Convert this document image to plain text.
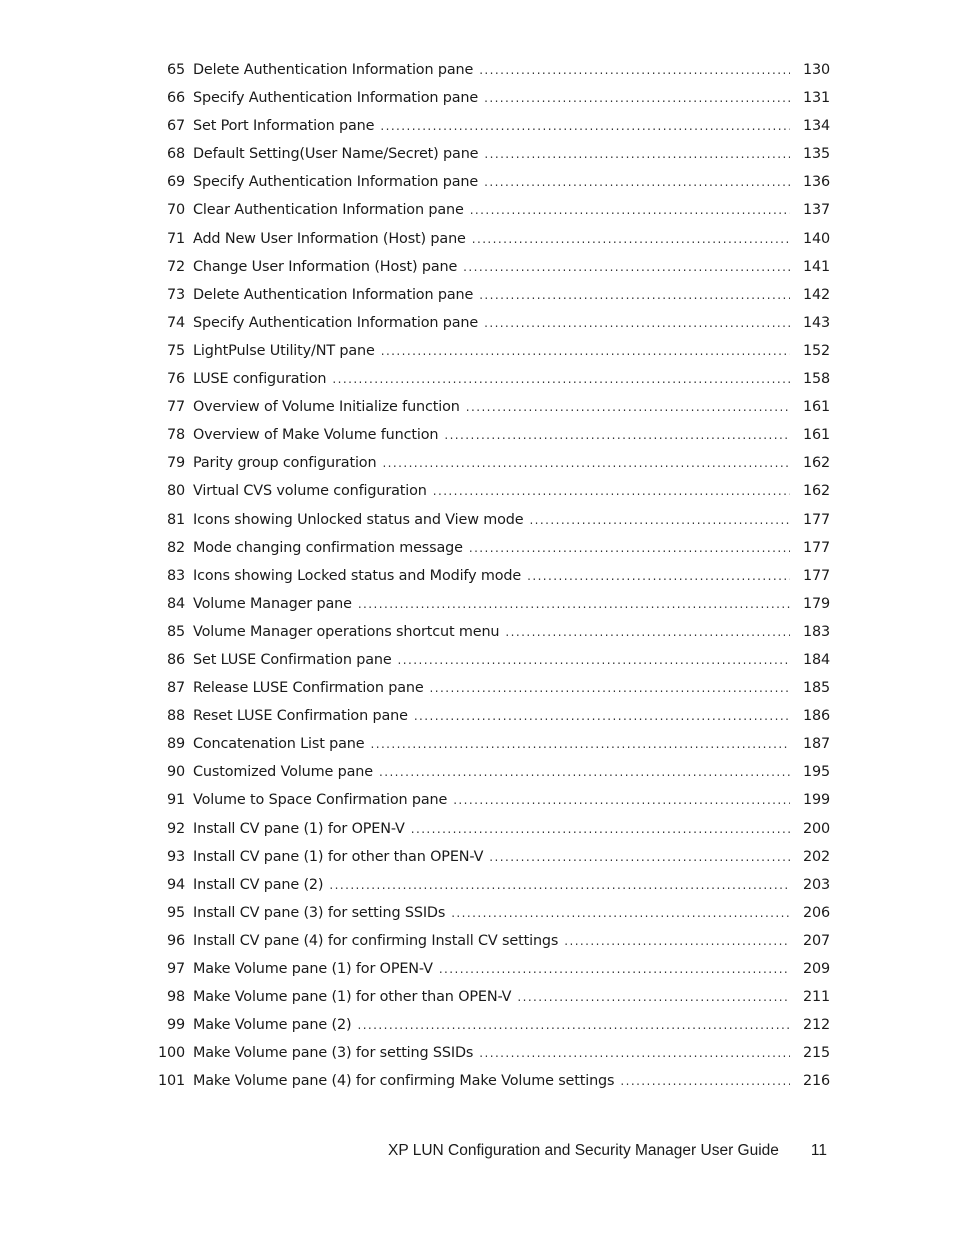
65 Delete Authentication Information pane . . .	130
66 Specify Authentication Information pane . . .	131
67 Set Port Information pane . . .	134
68 Default Setting(User Name/Secret) pane . . .	135
69 Specify Authentication Information pane . . .	136
70 Clear Authentication Information pane . . .	137
71 Add New User Information (Host) pane . . .	140
72 Change User Information (Host) pane . . .	141
73 Delete Authentication Information pane . . .	142
74 Specify Authentication Information pane . . .	143
75 LightPulse Utility/NT pane . . .	152
76 LUSE configuration . . .	158
77 Overview of Volume Initialize function . . .	161
78 Overview of Make Volume function . . .	161
79 Parity group configuration . . .	162
80 Virtual CVS volume configuration . . .	162
81 Icons showing Unlocked status and View mode . . .	177
82 Mode changing confirmation message . . .	177
83 Icons showing Locked status and Modify mode . . .	177
84 Volume Manager pane . . .	179
85 Volume Manager operations shortcut menu . . .	183
86 Set LUSE Confirmation pane . . .	184
87 Release LUSE Confirmation pane . . .	185
88 Reset LUSE Confirmation pane . . .	186
89 Concatenation List pane . . .	187
90 Customized Volume pane . . .	195
91 Volume to Space Confirmation pane . . .	199
92 Install CV pane (1) for OPEN-V . . .	200
93 Install CV pane (1) for other than OPEN-V . . .	202
94 Install CV pane (2) . . .	203
95 Install CV pane (3) for setting SSIDs . . .	206
96 Install CV pane (4) for confirming Install CV settings . . .	207
97 Make Volume pane (1) for OPEN-V . . .	209
98 Make Volume pane (1) for other than OPEN-V . . .	211
99 Make Volume pane (2) . . .	212
100 Make Volume pane (3) for setting SSIDs . . .	215
101 Make Volume pane (4) for confirming Make Volume settings . . .	216
XP LUN Configuration and Security Manager User Guide 11
